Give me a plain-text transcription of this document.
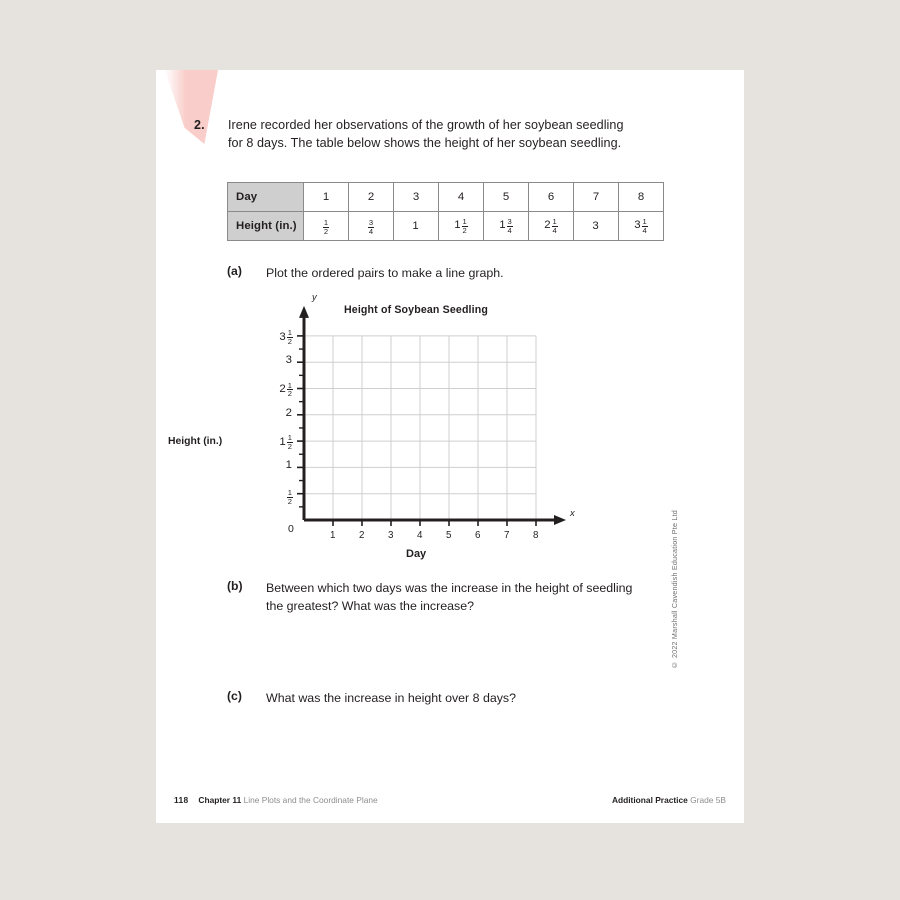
2. Irene recorded her observations of the growth of her soybean seedling for 8 days. The table below shows the height of her soybean seedling.
Day	1	2	3	4	5	6	7	8
Height (in.)	$\frac{1}{2}$	$\frac{3}{4}$	1	$1 \frac{1}{2}$	$1 \frac{3}{4}$	$2 \frac{1}{4}$	3	$3 \frac{1}{4}$
(a) Plot the ordered pairs to make a line graph.
Height of Soybean Seedling
Height (in.)
Day
y
x
0
$\frac{1}{2}$
1
$1 \frac{1}{2}$
2
$2 \frac{1}{2}$
3
$3 \frac{1}{2}$
1 2 3 4 5 6 7 8
(b) Between which two days was the increase in the height of seedling the greatest? What was the increase?
(c) What was the increase in height over 8 days?
118 Chapter 11 Line Plots and the Coordinate Plane	Additional Practice Grade 5B
© 2022 Marshall Cavendish Education Pte Ltd
